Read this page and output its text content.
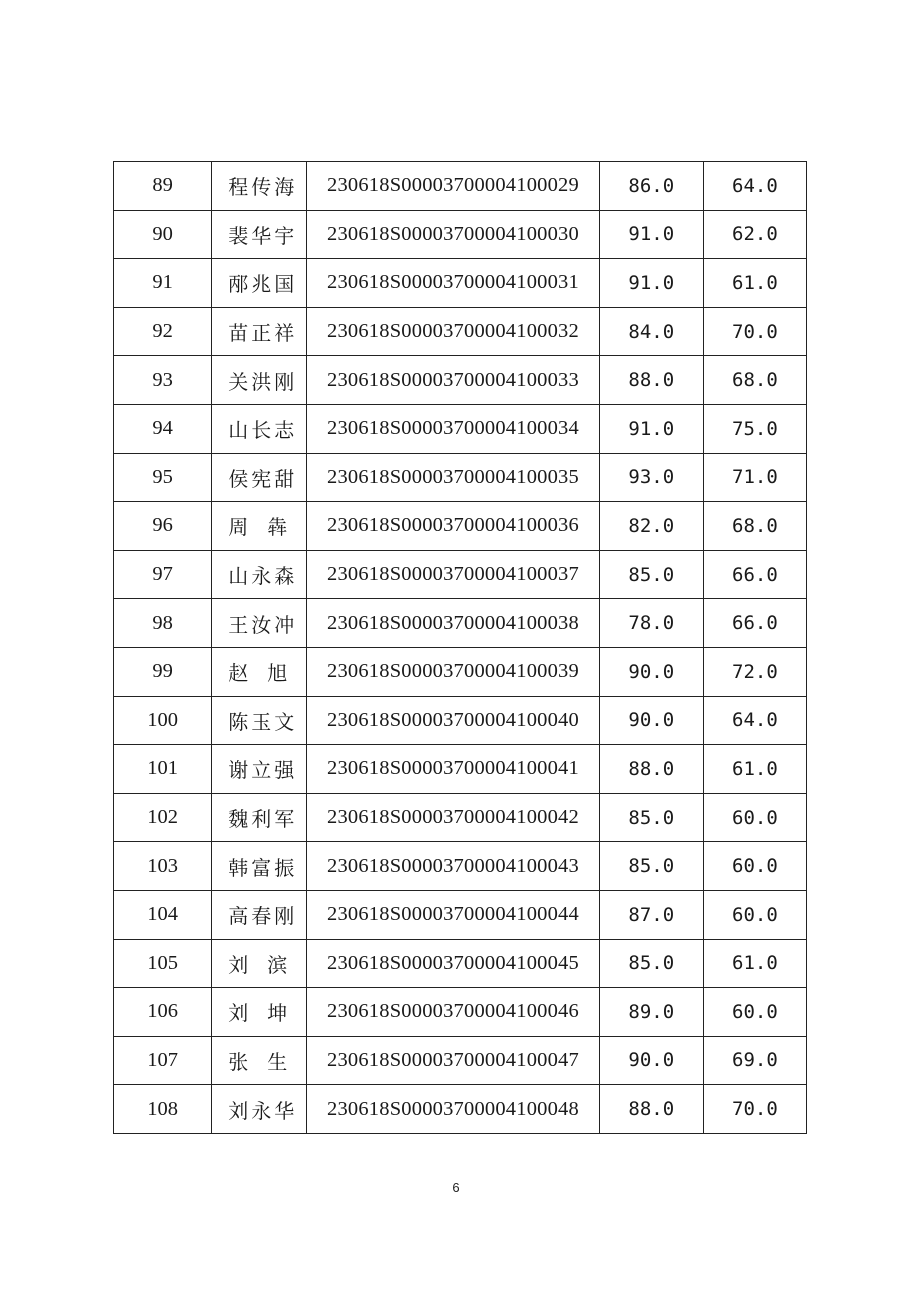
89	程传海	230618S00003700004100029	86.0	64.0
90	裴华宇	230618S00003700004100030	91.0	62.0
91	邴兆国	230618S00003700004100031	91.0	61.0
92	苗正祥	230618S00003700004100032	84.0	70.0
93	关洪刚	230618S00003700004100033	88.0	68.0
94	山长志	230618S00003700004100034	91.0	75.0
95	侯宪甜	230618S00003700004100035	93.0	71.0
96	周犇	230618S00003700004100036	82.0	68.0
97	山永森	230618S00003700004100037	85.0	66.0
98	王汝冲	230618S00003700004100038	78.0	66.0
99	赵旭	230618S00003700004100039	90.0	72.0
100	陈玉文	230618S00003700004100040	90.0	64.0
101	谢立强	230618S00003700004100041	88.0	61.0
102	魏利军	230618S00003700004100042	85.0	60.0
103	韩富振	230618S00003700004100043	85.0	60.0
104	高春刚	230618S00003700004100044	87.0	60.0
105	刘滨	230618S00003700004100045	85.0	61.0
106	刘坤	230618S00003700004100046	89.0	60.0
107	张生	230618S00003700004100047	90.0	69.0
108	刘永华	230618S00003700004100048	88.0	70.0
6
